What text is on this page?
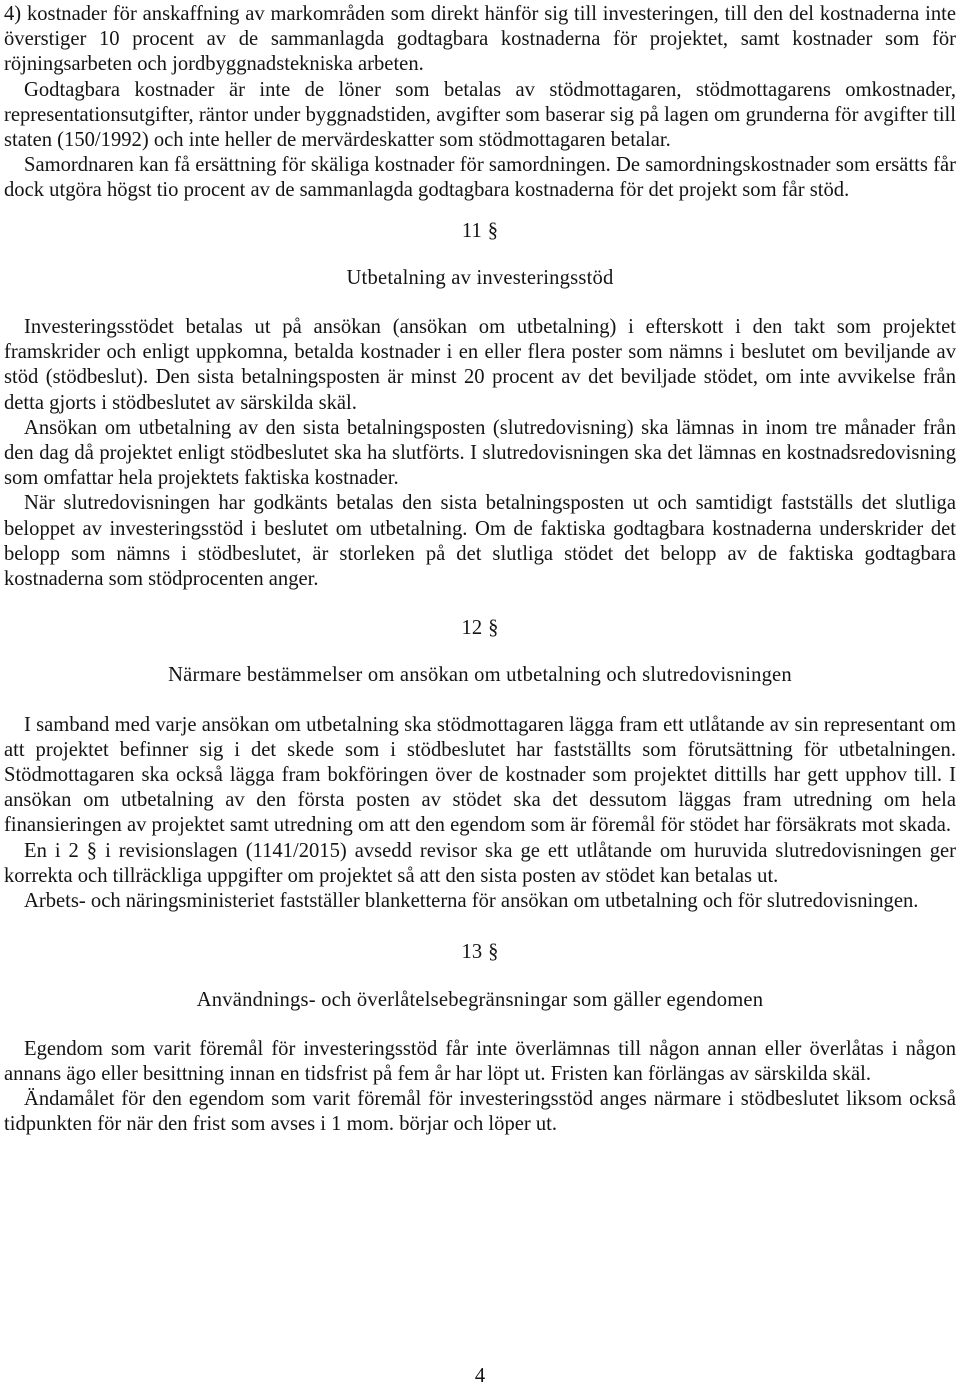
4) kostnader för anskaffning av markområden som direkt hänför sig till investeringen, till den del kostnaderna inte överstiger 10 procent av de sammanlagda godtagbara kostnaderna för projektet, samt kostnader som för röjningsarbeten och jordbyggnadstekniska arbeten.

Godtagbara kostnader är inte de löner som betalas av stödmottagaren, stödmottagarens omkostnader, representationsutgifter, räntor under byggnadstiden, avgifter som baserar sig på lagen om grunderna för avgifter till staten (150/1992) och inte heller de mervärdeskatter som stödmottagaren betalar.

Samordnaren kan få ersättning för skäliga kostnader för samordningen. De samordningskostnader som ersätts får dock utgöra högst tio procent av de sammanlagda godtagbara kostnaderna för det projekt som får stöd.

11 §
Utbetalning av investeringsstöd

Investeringsstödet betalas ut på ansökan (ansökan om utbetalning) i efterskott i den takt som projektet framskrider och enligt uppkomna, betalda kostnader i en eller flera poster som nämns i beslutet om beviljande av stöd (stödbeslut). Den sista betalningsposten är minst 20 procent av det beviljade stödet, om inte avvikelse från detta gjorts i stödbeslutet av särskilda skäl.

Ansökan om utbetalning av den sista betalningsposten (slutredovisning) ska lämnas in inom tre månader från den dag då projektet enligt stödbeslutet ska ha slutförts. I slutredovisningen ska det lämnas en kostnadsredovisning som omfattar hela projektets faktiska kostnader.

När slutredovisningen har godkänts betalas den sista betalningsposten ut och samtidigt fastställs det slutliga beloppet av investeringsstöd i beslutet om utbetalning. Om de faktiska godtagbara kostnaderna underskrider det belopp som nämns i stödbeslutet, är storleken på det slutliga stödet det belopp av de faktiska godtagbara kostnaderna som stödprocenten anger.

12 §
Närmare bestämmelser om ansökan om utbetalning och slutredovisningen

I samband med varje ansökan om utbetalning ska stödmottagaren lägga fram ett utlåtande av sin representant om att projektet befinner sig i det skede som i stödbeslutet har fastställts som förutsättning för utbetalningen. Stödmottagaren ska också lägga fram bokföringen över de kostnader som projektet dittills har gett upphov till. I ansökan om utbetalning av den första posten av stödet ska det dessutom läggas fram utredning om hela finansieringen av projektet samt utredning om att den egendom som är föremål för stödet har försäkrats mot skada.

En i 2 § i revisionslagen (1141/2015) avsedd revisor ska ge ett utlåtande om huruvida slutredovisningen ger korrekta och tillräckliga uppgifter om projektet så att den sista posten av stödet kan betalas ut.

Arbets- och näringsministeriet fastställer blanketterna för ansökan om utbetalning och för slutredovisningen.

13 §
Användnings- och överlåtelsebegränsningar som gäller egendomen

Egendom som varit föremål för investeringsstöd får inte överlämnas till någon annan eller överlåtas i någon annans ägo eller besittning innan en tidsfrist på fem år har löpt ut. Fristen kan förlängas av särskilda skäl.

Ändamålet för den egendom som varit föremål för investeringsstöd anges närmare i stödbeslutet liksom också tidpunkten för när den frist som avses i 1 mom. börjar och löper ut.

4
